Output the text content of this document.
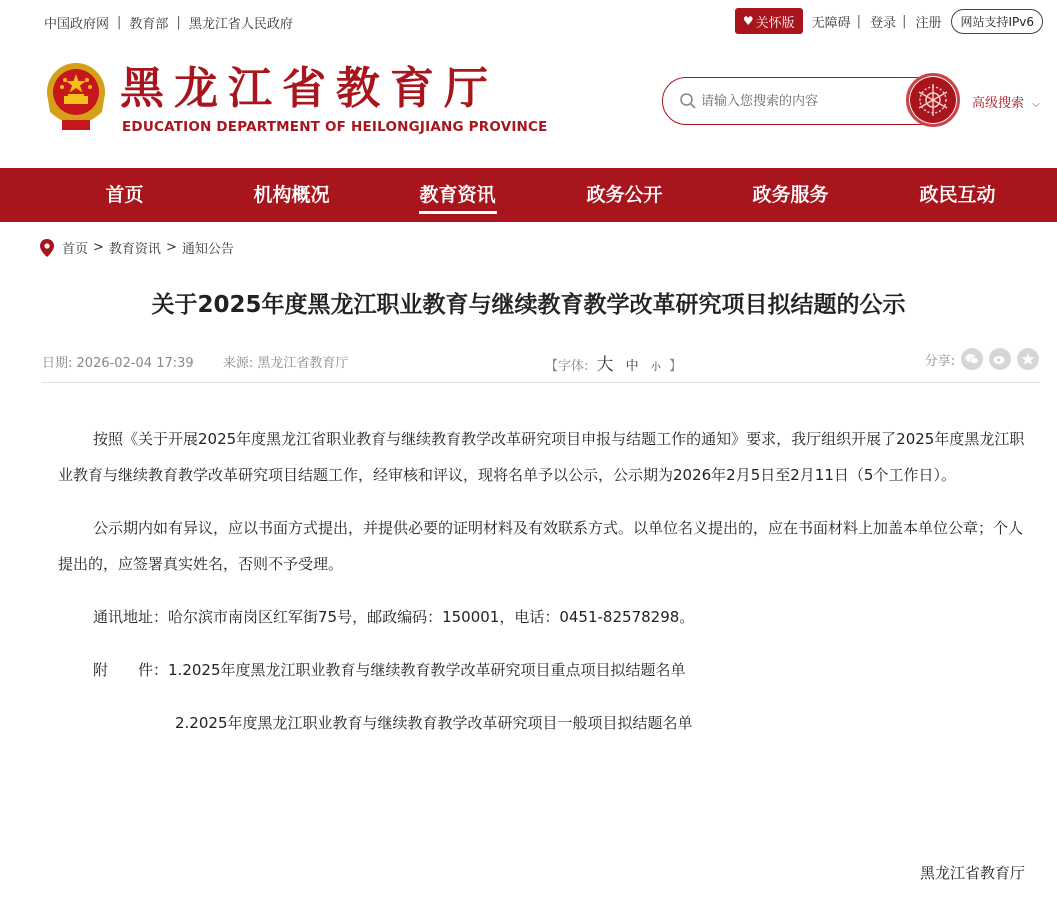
中国政府网 | 教育部 | 黑龙江省人民政府	♥ 关怀版 无障碍 | 登录 | 注册	网站支持IPv6
黑龙江省教育厅
EDUCATION DEPARTMENT OF HEILONGJIANG PROVINCE
请输入您搜索的内容
高级搜索 ⌵
首页	机构概况	教育资讯	政务公开	政务服务	政民互动
首页 > 教育资讯 > 通知公告
关于2025年度黑龙江职业教育与继续教育教学改革研究项目拟结题的公示
日期: 2026-02-04 17:39 来源: 黑龙江省教育厅	【字体: 大 中 小 】	分享:

按照《关于开展2025年度黑龙江省职业教育与继续教育教学改革研究项目申报与结题工作的通知》要求，我厅组织开展了2025年度黑龙江职业教育与继续教育教学改革研究项目结题工作，经审核和评议，现将名单予以公示，公示期为2026年2月5日至2月11日（5个工作日）。

公示期内如有异议，应以书面方式提出，并提供必要的证明材料及有效联系方式。以单位名义提出的，应在书面材料上加盖本单位公章；个人提出的，应签署真实姓名，否则不予受理。

通讯地址：哈尔滨市南岗区红军街75号，邮政编码：150001，电话：0451-82578298。

附　　件：1.2025年度黑龙江职业教育与继续教育教学改革研究项目重点项目拟结题名单

2.2025年度黑龙江职业教育与继续教育教学改革研究项目一般项目拟结题名单

黑龙江省教育厅
